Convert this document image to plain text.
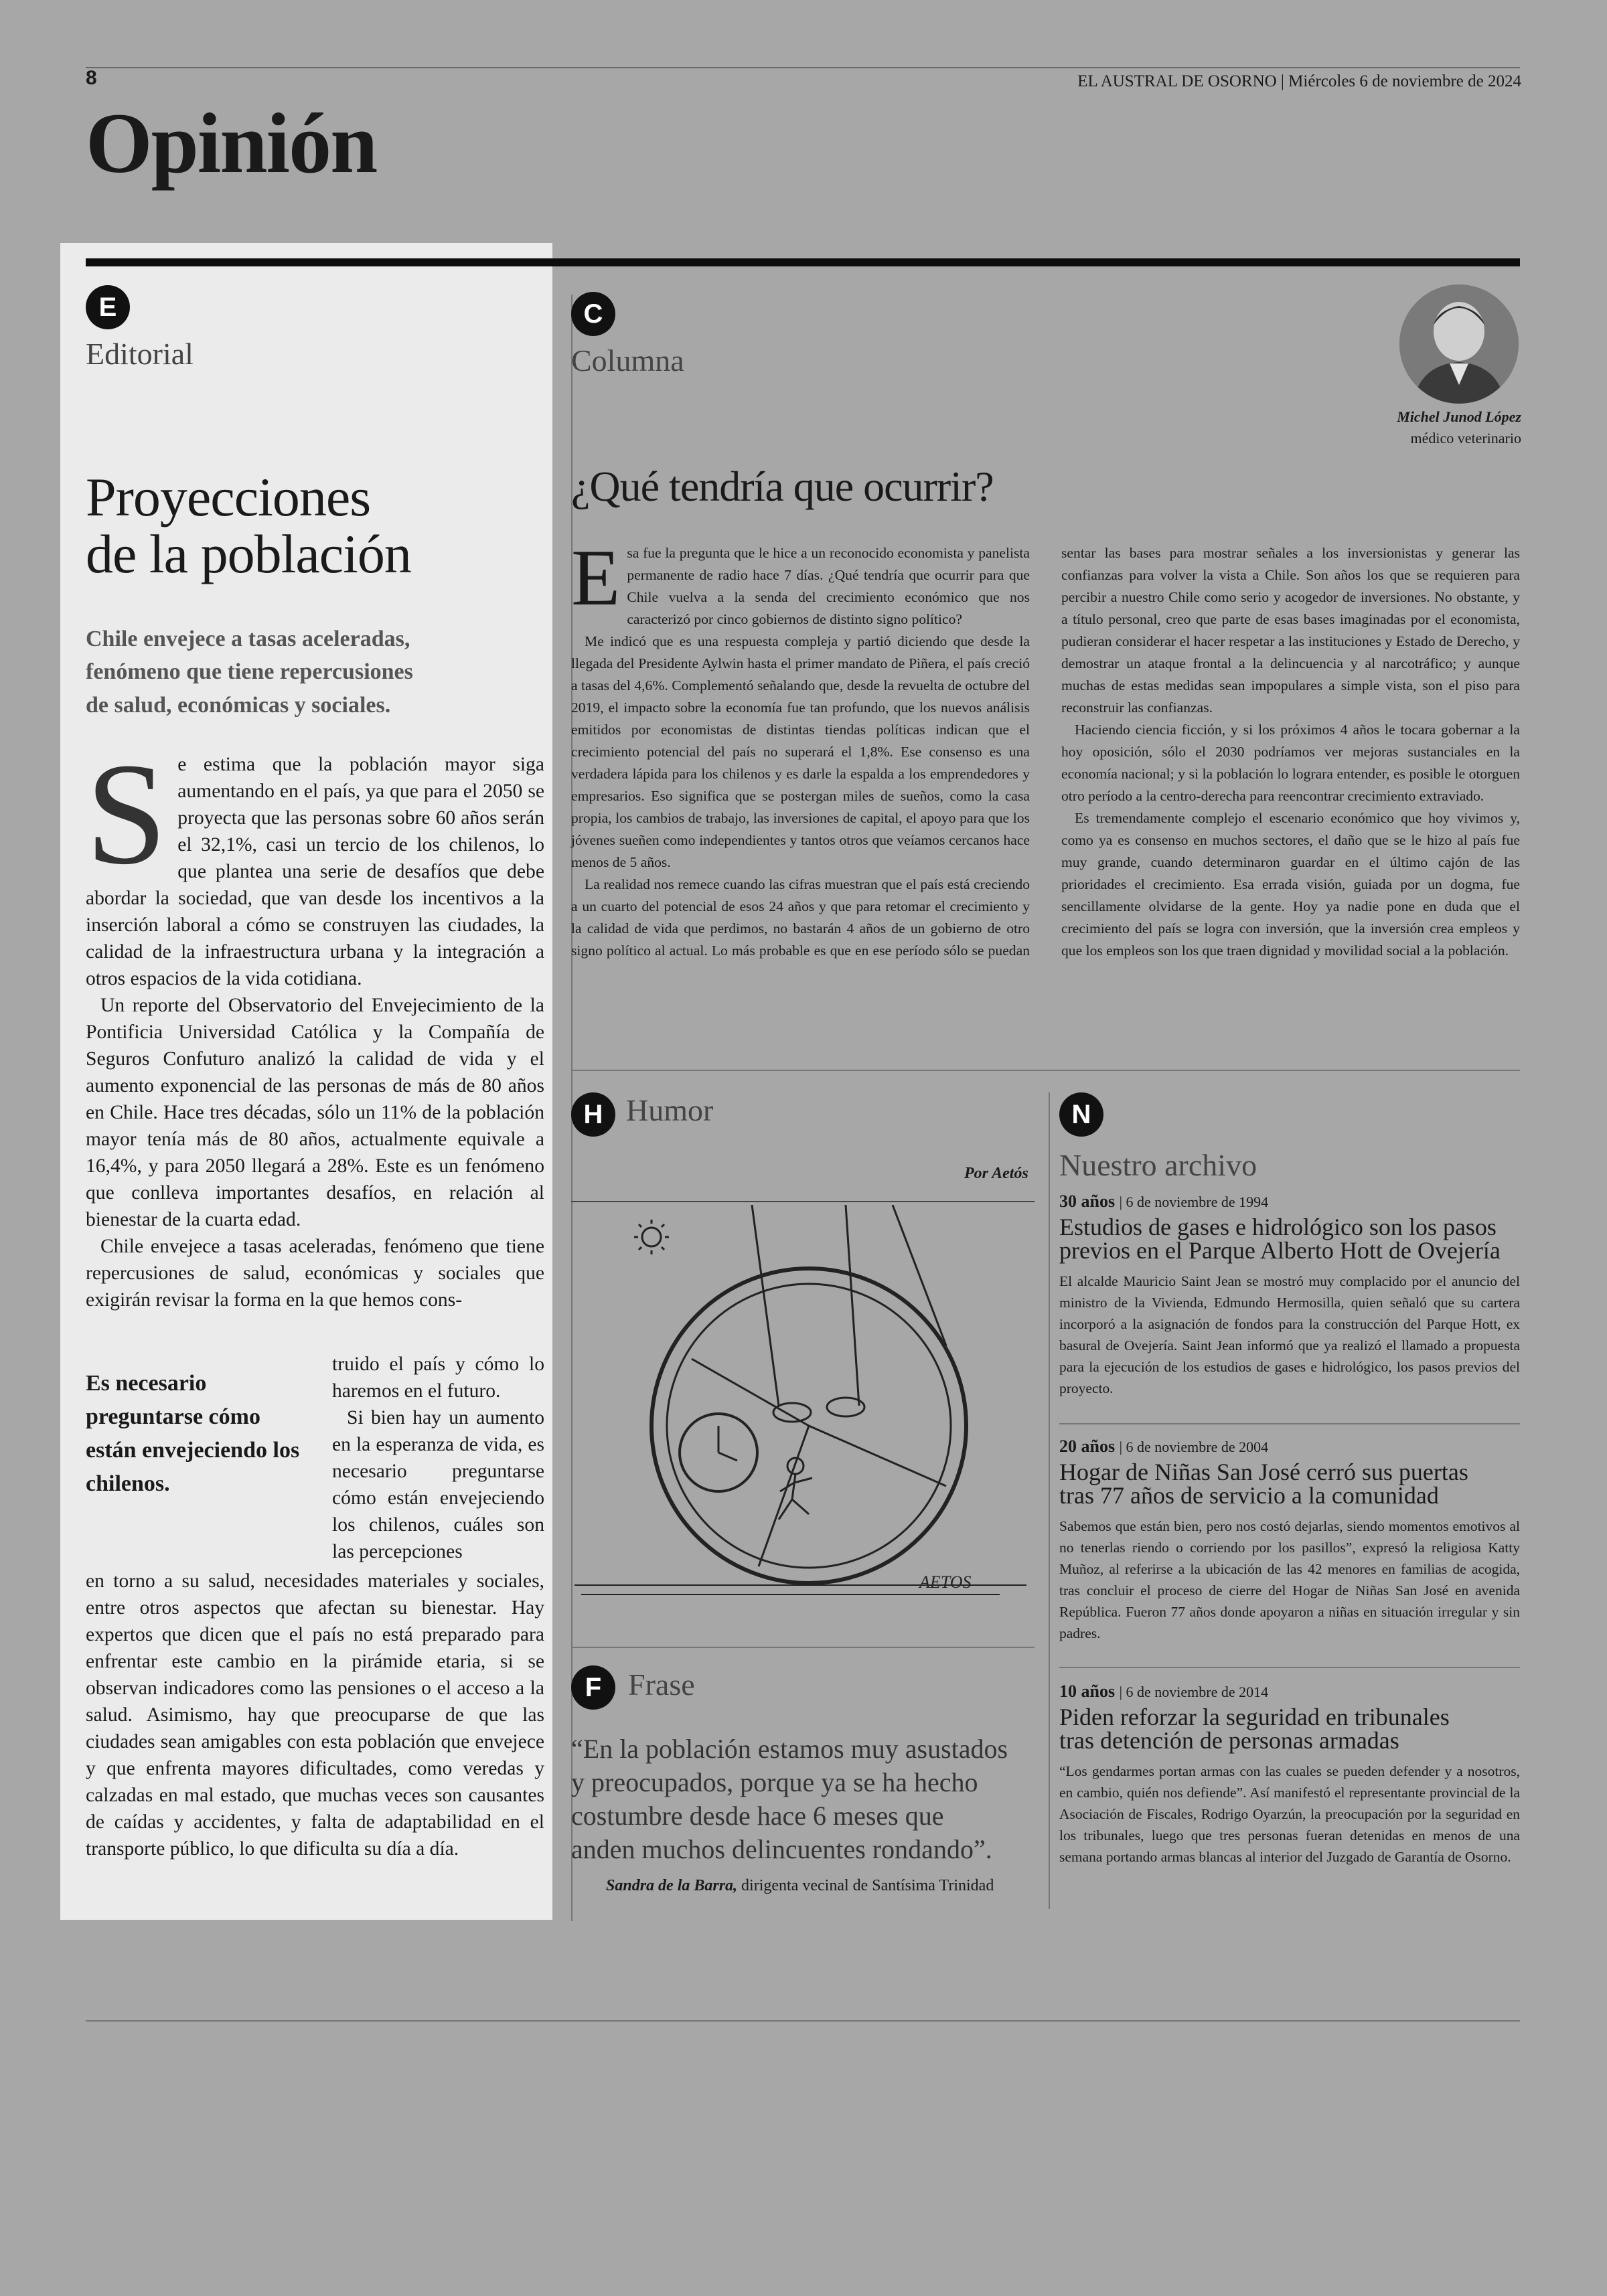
8	EL AUSTRAL DE OSORNO | Miércoles 6 de noviembre de 2024
Opinión
E
Editorial
Proyecciones
de la población
Chile envejece a tasas aceleradas,
fenómeno que tiene repercusiones
de salud, económicas y sociales.
S e estima que la población mayor siga aumentando en el país, ya que para el 2050 se proyecta que las personas sobre 60 años serán el 32,1%, casi un tercio de los chilenos, lo que plantea una serie de desafíos que debe abordar la sociedad, que van desde los incentivos a la inserción laboral a cómo se construyen las ciudades, la calidad de la infraestructura urbana y la integración a otros espacios de la vida cotidiana.

Un reporte del Observatorio del Envejecimiento de la Pontificia Universidad Católica y la Compañía de Seguros Confuturo analizó la calidad de vida y el aumento exponencial de las personas de más de 80 años en Chile. Hace tres décadas, sólo un 11% de la población mayor tenía más de 80 años, actualmente equivale a 16,4%, y para 2050 llegará a 28%. Este es un fenómeno que conlleva importantes desafíos, en relación al bienestar de la cuarta edad.

Chile envejece a tasas aceleradas, fenómeno que tiene repercusiones de salud, económicas y sociales que exigirán revisar la forma en la que hemos cons-

Es necesario preguntarse cómo están envejeciendo los chilenos.

truido el país y cómo lo haremos en el futuro.

Si bien hay un aumento en la esperanza de vida, es necesario preguntarse cómo están envejeciendo los chilenos, cuáles son las percepciones

en torno a su salud, necesidades materiales y sociales, entre otros aspectos que afectan su bienestar. Hay expertos que dicen que el país no está preparado para enfrentar este cambio en la pirámide etaria, si se observan indicadores como las pensiones o el acceso a la salud. Asimismo, hay que preocuparse de que las ciudades sean amigables con esta población que envejece y que enfrenta mayores dificultades, como veredas y calzadas en mal estado, que muchas veces son causantes de caídas y accidentes, y falta de adaptabilidad en el transporte público, lo que dificulta su día a día.

C
Columna
Michel Junod López
médico veterinario
¿Qué tendría que ocurrir?
E sa fue la pregunta que le hice a un reconocido economista y panelista permanente de radio hace 7 días. ¿Qué tendría que ocurrir para que Chile vuelva a la senda del crecimiento económico que nos caracterizó por cinco gobiernos de distinto signo político?

Me indicó que es una respuesta compleja y partió diciendo que desde la llegada del Presidente Aylwin hasta el primer mandato de Piñera, el país creció a tasas del 4,6%. Complementó señalando que, desde la revuelta de octubre del 2019, el impacto sobre la economía fue tan profundo, que los nuevos análisis emitidos por economistas de distintas tiendas políticas indican que el crecimiento potencial del país no superará el 1,8%. Ese consenso es una verdadera lápida para los chilenos y es darle la espalda a los emprendedores y empresarios. Eso significa que se postergan miles de sueños, como la casa propia, los cambios de trabajo, las inversiones de capital, el apoyo para que los jóvenes sueñen como independientes y tantos otros que veíamos cercanos hace menos de 5 años.

La realidad nos remece cuando las cifras muestran que el país está creciendo a un cuarto del potencial de esos 24 años y que para retomar el crecimiento y la calidad de vida que perdimos, no bastarán 4 años de un gobierno de otro signo político al actual. Lo más probable es que en ese período sólo se puedan sentar las bases para mostrar señales a los inversionistas y generar las confianzas para volver la vista a Chile. Son años los que se requieren para percibir a nuestro Chile como serio y acogedor de inversiones. No obstante, y a título personal, creo que parte de esas bases imaginadas por el economista, pudieran considerar el hacer respetar a las instituciones y Estado de Derecho, y demostrar un ataque frontal a la delincuencia y al narcotráfico; y aunque muchas de estas medidas sean impopulares a simple vista, son el piso para reconstruir las confianzas.

Haciendo ciencia ficción, y si los próximos 4 años le tocara gobernar a la hoy oposición, sólo el 2030 podríamos ver mejoras sustanciales en la economía nacional; y si la población lo lograra entender, es posible le otorguen otro período a la centro-derecha para reencontrar crecimiento extraviado.

Es tremendamente complejo el escenario económico que hoy vivimos y, como ya es consenso en muchos sectores, el daño que se le hizo al país fue muy grande, cuando determinaron guardar en el último cajón de las prioridades el crecimiento. Esa errada visión, guiada por un dogma, fue sencillamente olvidarse de la gente. Hoy ya nadie pone en duda que el crecimiento del país se logra con inversión, que la inversión crea empleos y que los empleos son los que traen dignidad y movilidad social a la población.

H Humor
Por Aetós
AETOS
F Frase
“En la población estamos muy asustados
y preocupados, porque ya se ha hecho
costumbre desde hace 6 meses que
anden muchos delincuentes rondando”.
Sandra de la Barra, dirigenta vecinal de Santísima Trinidad
N
Nuestro archivo
30 años | 6 de noviembre de 1994
Estudios de gases e hidrológico son los pasos
previos en el Parque Alberto Hott de Ovejería
El alcalde Mauricio Saint Jean se mostró muy complacido por el anuncio del ministro de la Vivienda, Edmundo Hermosilla, quien señaló que su cartera incorporó a la asignación de fondos para la construcción del Parque Hott, ex basural de Ovejería. Saint Jean informó que ya realizó el llamado a propuesta para la ejecución de los estudios de gases e hidrológico, los pasos previos del proyecto.
20 años | 6 de noviembre de 2004
Hogar de Niñas San José cerró sus puertas
tras 77 años de servicio a la comunidad
Sabemos que están bien, pero nos costó dejarlas, siendo momentos emotivos al no tenerlas riendo o corriendo por los pasillos”, expresó la religiosa Katty Muñoz, al referirse a la ubicación de las 42 menores en familias de acogida, tras concluir el proceso de cierre del Hogar de Niñas San José en avenida República. Fueron 77 años donde apoyaron a niñas en situación irregular y sin padres.
10 años | 6 de noviembre de 2014
Piden reforzar la seguridad en tribunales
tras detención de personas armadas
“Los gendarmes portan armas con las cuales se pueden defender y a nosotros, en cambio, quién nos defiende”. Así manifestó el representante provincial de la Asociación de Fiscales, Rodrigo Oyarzún, la preocupación por la seguridad en los tribunales, luego que tres personas fueran detenidas en menos de una semana portando armas blancas al interior del Juzgado de Garantía de Osorno.
